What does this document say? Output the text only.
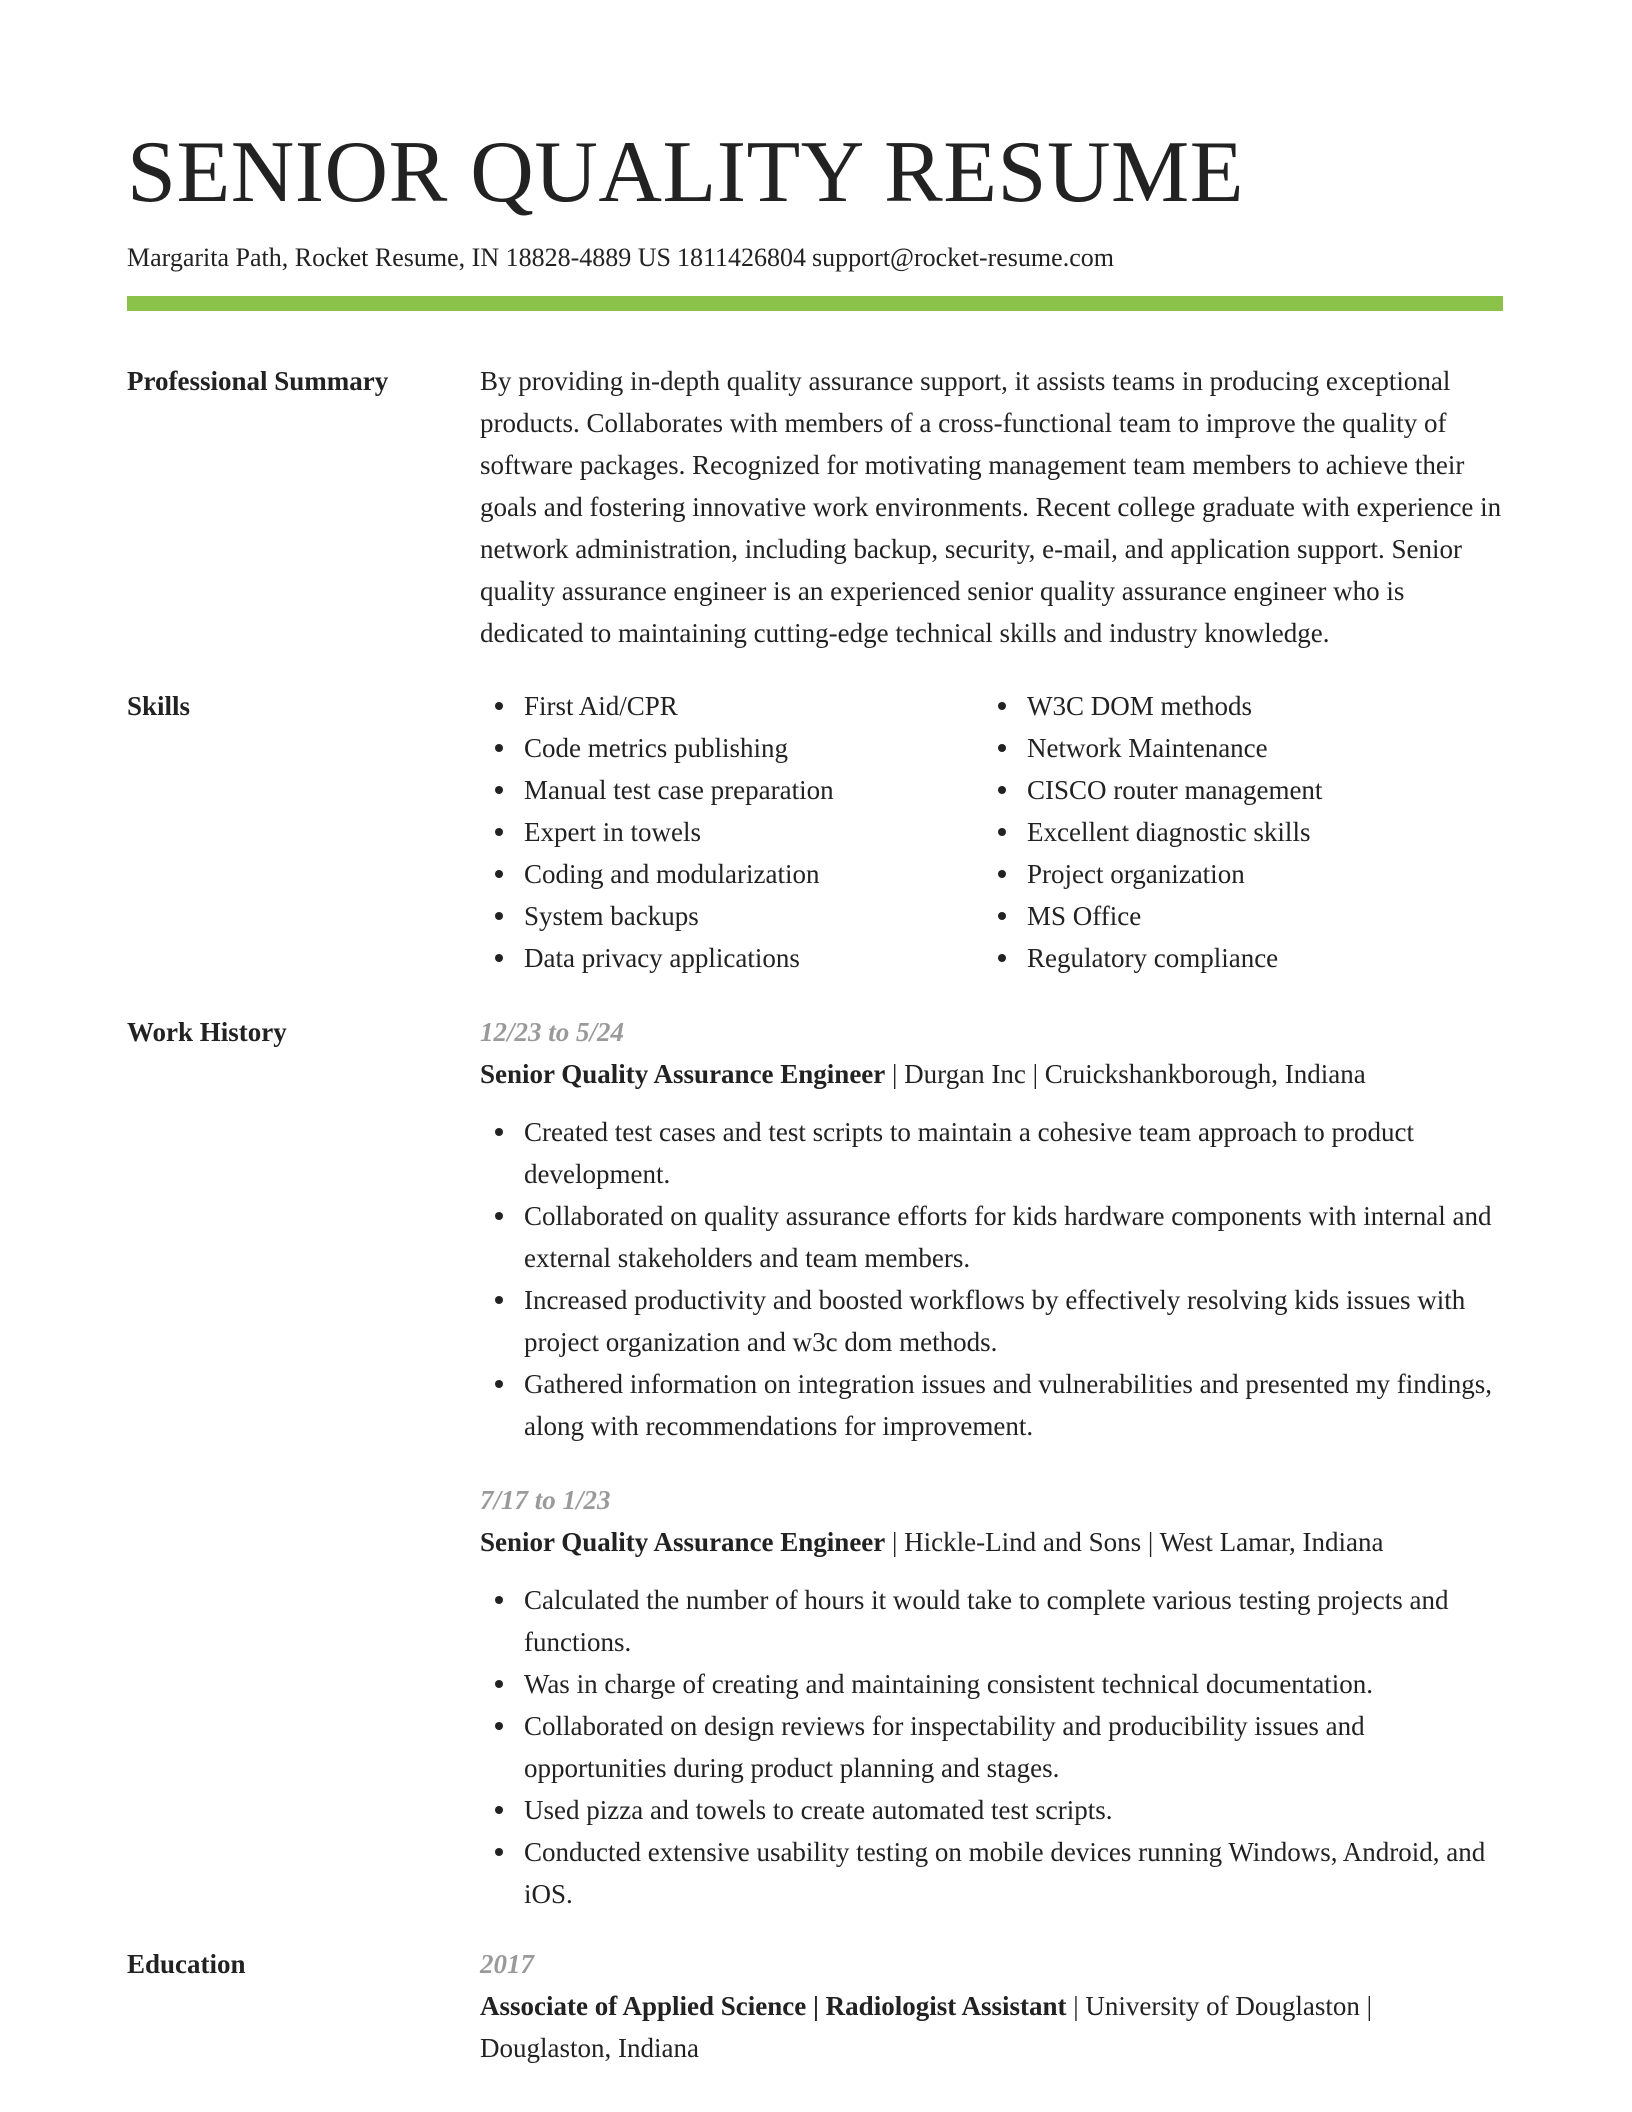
SENIOR QUALITY RESUME
Margarita Path, Rocket Resume, IN 18828-4889 US 1811426804 support@rocket-resume.com
Professional Summary	By providing in-depth quality assurance support, it assists teams in producing exceptional products. Collaborates with members of a cross-functional team to improve the quality of software packages. Recognized for motivating management team members to achieve their goals and fostering innovative work environments. Recent college graduate with experience in network administration, including backup, security, e-mail, and application support. Senior quality assurance engineer is an experienced senior quality assurance engineer who is dedicated to maintaining cutting-edge technical skills and industry knowledge.
Skills	First Aid/CPR
Code metrics publishing
Manual test case preparation
Expert in towels
Coding and modularization
System backups
Data privacy applications
W3C DOM methods
Network Maintenance
CISCO router management
Excellent diagnostic skills
Project organization
MS Office
Regulatory compliance
Work History	12/23 to 5/24
Senior Quality Assurance Engineer | Durgan Inc | Cruickshankborough, Indiana
Created test cases and test scripts to maintain a cohesive team approach to product development.
Collaborated on quality assurance efforts for kids hardware components with internal and external stakeholders and team members.
Increased productivity and boosted workflows by effectively resolving kids issues with project organization and w3c dom methods.
Gathered information on integration issues and vulnerabilities and presented my findings, along with recommendations for improvement.
7/17 to 1/23
Senior Quality Assurance Engineer | Hickle-Lind and Sons | West Lamar, Indiana
Calculated the number of hours it would take to complete various testing projects and functions.
Was in charge of creating and maintaining consistent technical documentation.
Collaborated on design reviews for inspectability and producibility issues and opportunities during product planning and stages.
Used pizza and towels to create automated test scripts.
Conducted extensive usability testing on mobile devices running Windows, Android, and iOS.
Education	2017
Associate of Applied Science | Radiologist Assistant | University of Douglaston | Douglaston, Indiana
